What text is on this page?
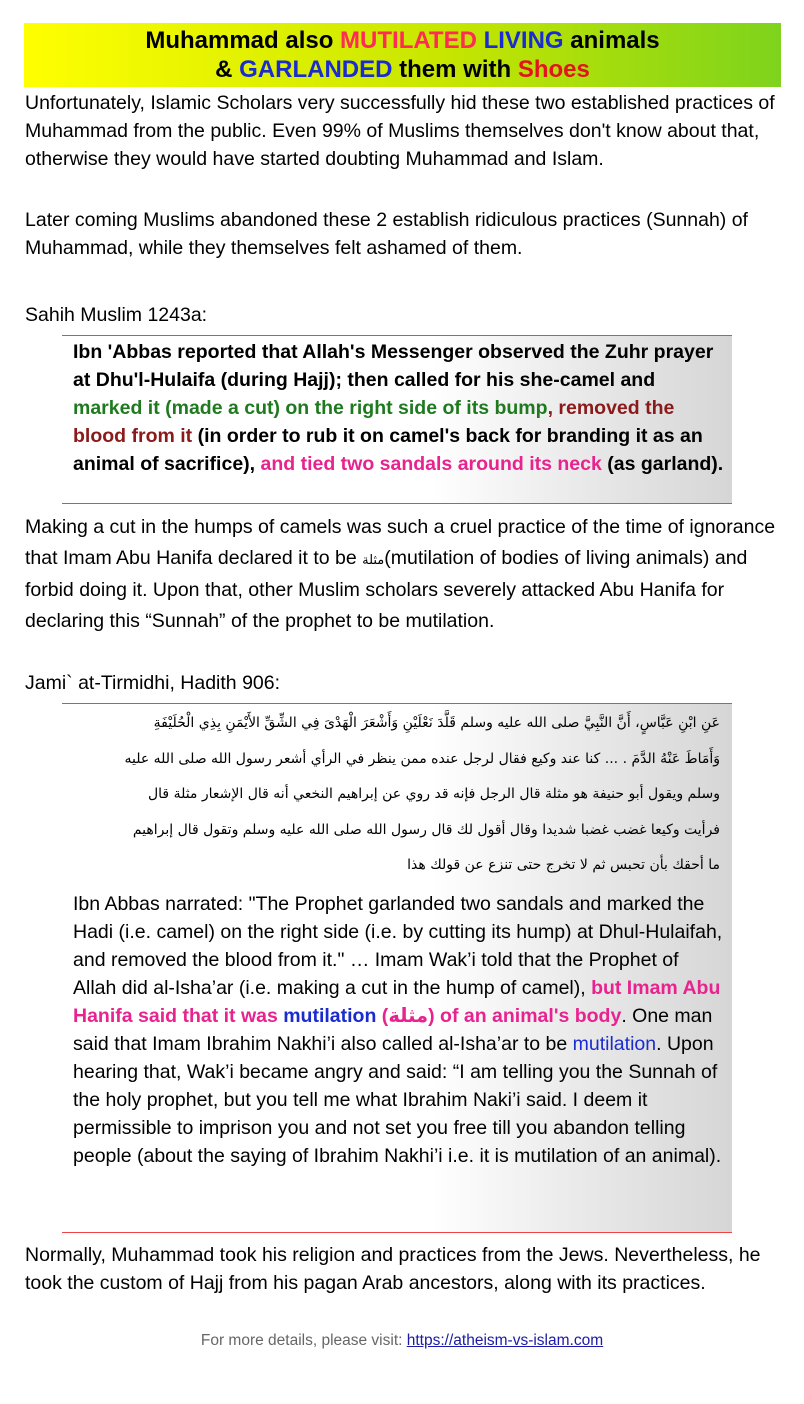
Muhammad also MUTILATED LIVING animals
& GARLANDED them with Shoes

Unfortunately, Islamic Scholars very successfully hid these two established practices of Muhammad from the public. Even 99% of Muslims themselves don't know about that, otherwise they would have started doubting Muhammad and Islam.

Later coming Muslims abandoned these 2 establish ridiculous practices (Sunnah) of Muhammad, while they themselves felt ashamed of them.

Sahih Muslim 1243a:

Ibn 'Abbas reported that Allah's Messenger observed the Zuhr prayer at Dhu'l-Hulaifa (during Hajj); then called for his she-camel and marked it (made a cut) on the right side of its bump, removed the blood from it (in order to rub it on camel's back for branding it as an animal of sacrifice), and tied two sandals around its neck (as garland).

Making a cut in the humps of camels was such a cruel practice of the time of ignorance that Imam Abu Hanifa declared it to be مثلة(mutilation of bodies of living animals) and forbid doing it. Upon that, other Muslim scholars severely attacked Abu Hanifa for declaring this “Sunnah” of the prophet to be mutilation.

Jami` at-Tirmidhi, Hadith 906:

عَنِ ابْنِ عَبَّاسٍ، أَنَّ النَّبِيَّ صلى الله عليه وسلم قَلَّدَ نَعْلَيْنِ وَأَشْعَرَ الْهَدْىَ فِي الشِّقِّ الأَيْمَنِ بِذِي الْحُلَيْفَةِ

وَأَمَاطَ عَنْهُ الدَّمَ . ... كنا عند وكيع فقال لرجل عنده ممن ينظر في الرأي أشعر رسول الله صلى الله عليه

وسلم ويقول أبو حنيفة هو مثلة قال الرجل فإنه قد روي عن إبراهيم النخعي أنه قال الإشعار مثلة قال

فرأيت وكيعا غضب غضبا شديدا وقال أقول لك قال رسول الله صلى الله عليه وسلم وتقول قال إبراهيم

ما أحقك بأن تحبس ثم لا تخرج حتى تنزع عن قولك هذا

Ibn Abbas narrated: "The Prophet garlanded two sandals and marked the Hadi (i.e. camel) on the right side (i.e. by cutting its hump) at Dhul-Hulaifah, and removed the blood from it." … Imam Wak’i told that the Prophet of Allah did al-Isha’ar (i.e. making a cut in the hump of camel), but Imam Abu Hanifa said that it was mutilation (مثلة) of an animal's body. One man said that Imam Ibrahim Nakhi’i also called al-Isha’ar to be mutilation. Upon hearing that, Wak’i became angry and said: “I am telling you the Sunnah of the holy prophet, but you tell me what Ibrahim Naki’i said. I deem it permissible to imprison you and not set you free till you abandon telling people (about the saying of Ibrahim Nakhi’i i.e. it is mutilation of an animal).

Normally, Muhammad took his religion and practices from the Jews. Nevertheless, he took the custom of Hajj from his pagan Arab ancestors, along with its practices.

For more details, please visit: https://atheism-vs-islam.com
